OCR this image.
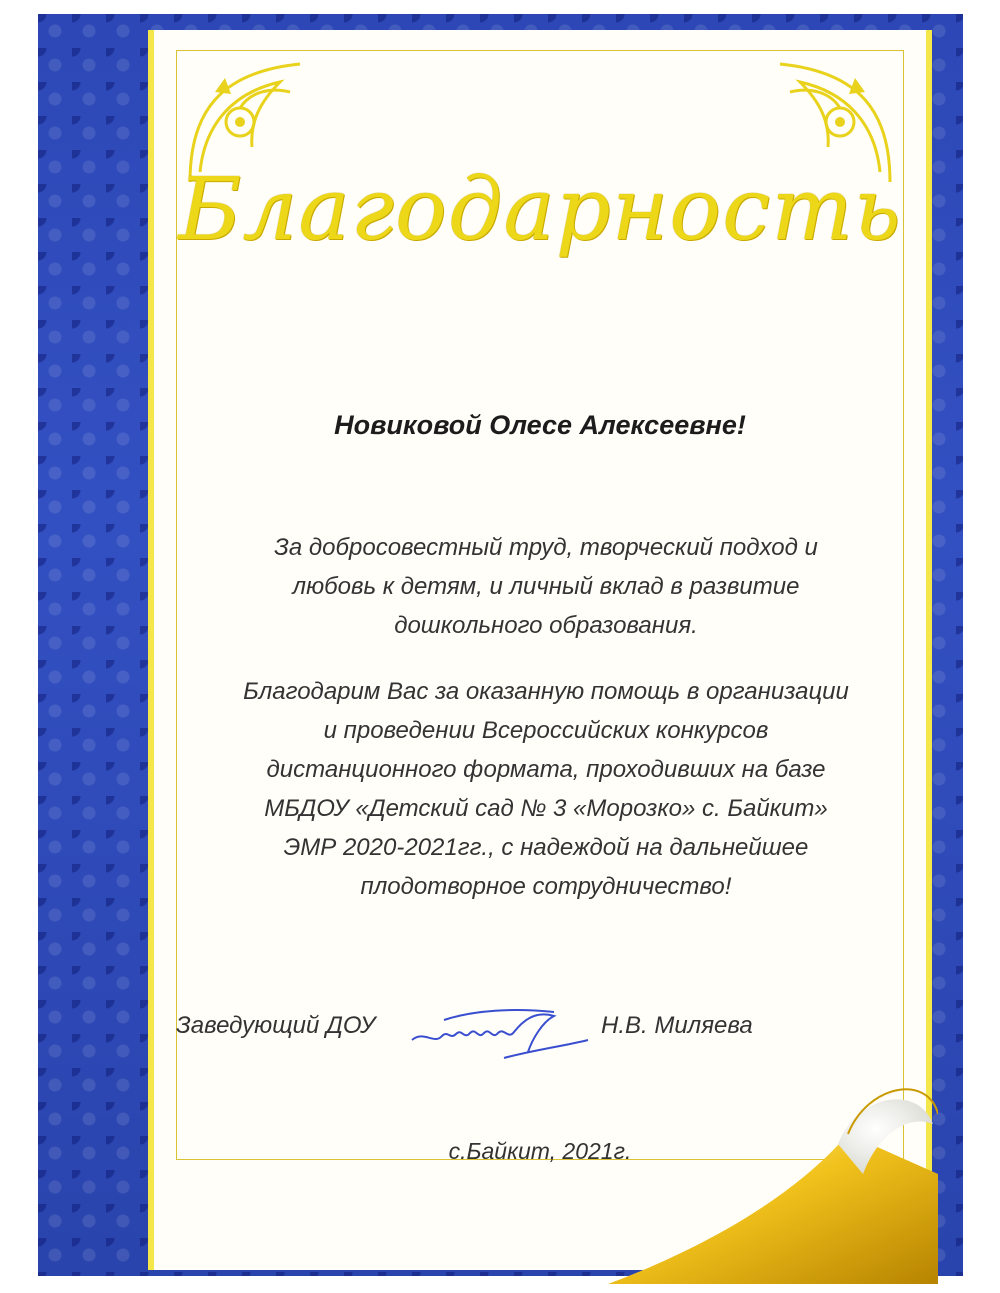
Благодарность
Новиковой Олесе Алексеевне!
За добросовестный труд, творческий подход и
любовь к детям, и личный вклад в развитие
дошкольного образования.
Благодарим Вас за оказанную помощь в организации
и проведении Всероссийских конкурсов
дистанционного формата, проходивших на базе
МБДОУ «Детский сад № 3 «Морозко» с. Байкит»
ЭМР 2020-2021гг., с надеждой на дальнейшее
плодотворное сотрудничество!
Заведующий ДОУ	Н.В. Миляева
с.Байкит, 2021г.
